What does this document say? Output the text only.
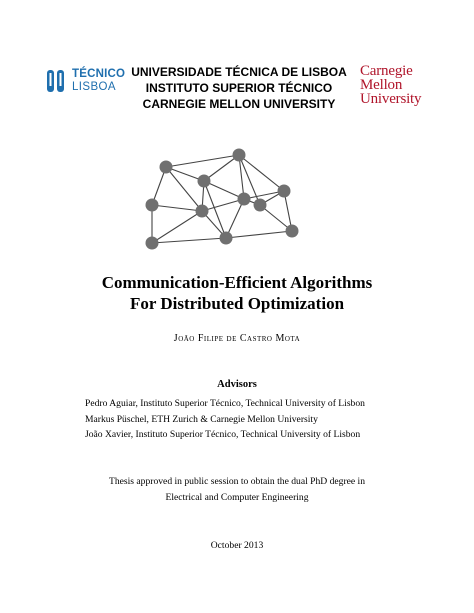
TÉCNICO
LISBOA
UNIVERSIDADE TÉCNICA DE LISBOA
INSTITUTO SUPERIOR TÉCNICO
CARNEGIE MELLON UNIVERSITY
Carnegie
Mellon
University
Communication-Efficient Algorithms
For Distributed Optimization
João Filipe de Castro Mota
Advisors
Pedro Aguiar, Instituto Superior Técnico, Technical University of Lisbon
Markus Püschel, ETH Zurich & Carnegie Mellon University
João Xavier, Instituto Superior Técnico, Technical University of Lisbon
Thesis approved in public session to obtain the dual PhD degree in
Electrical and Computer Engineering
October 2013
